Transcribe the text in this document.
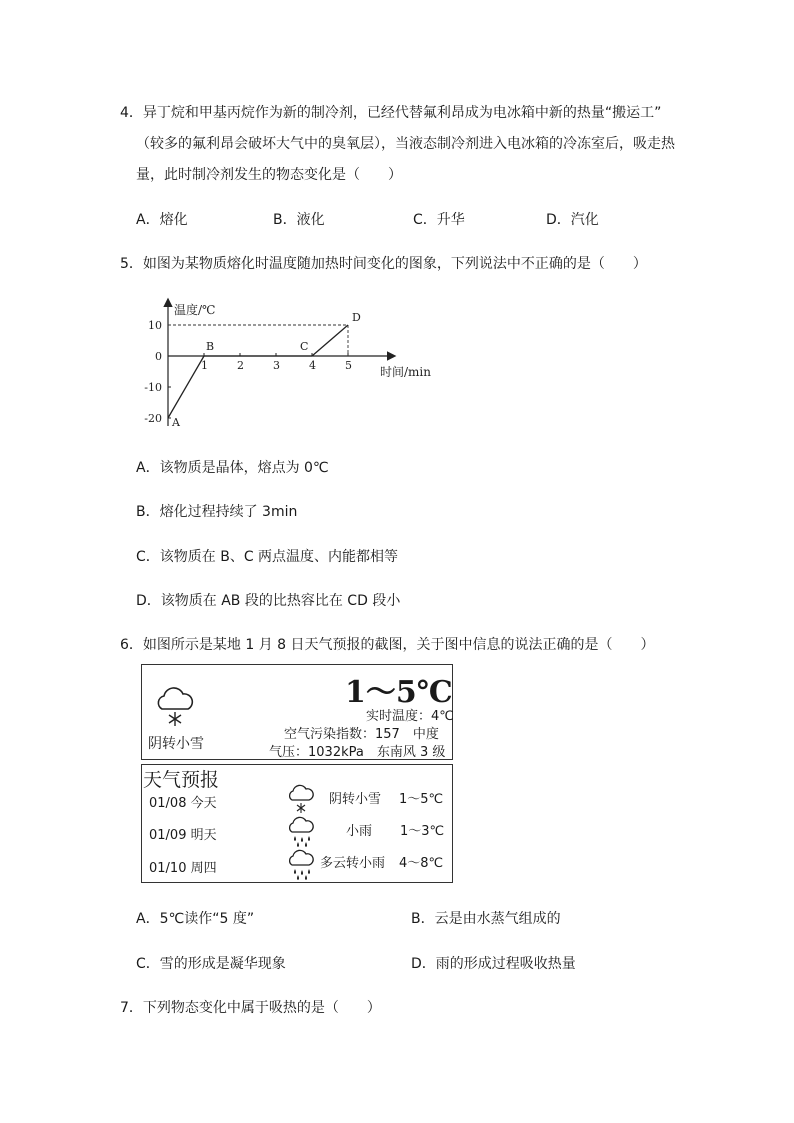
4．异丁烷和甲基丙烷作为新的制冷剂，已经代替氟利昂成为电冰箱中新的热量“搬运工”
（较多的氟利昂会破坏大气中的臭氧层），当液态制冷剂进入电冰箱的冷冻室后，吸走热
量，此时制冷剂发生的物态变化是（　　）
A．熔化	B．液化	C．升华	D．汽化
5．如图为某物质熔化时温度随加热时间变化的图象，下列说法中不正确的是（　　）
温度/℃
时间/min
1	2	3	4	5
10
0
-10
-20 A
B	C
D
A．该物质是晶体，熔点为 0℃
B．熔化过程持续了 3min
C．该物质在 B、C 两点温度、内能都相等
D．该物质在 AB 段的比热容比在 CD 段小
6．如图所示是某地 1 月 8 日天气预报的截图，关于图中信息的说法正确的是（　　）
阴转小雪
1～5℃
实时温度：4℃
空气污染指数：157　中度
气压：1032kPa　东南风 3 级
天气预报
01/08 今天	阴转小雪 1～5℃
01/09 明天	小雨 1～3℃
01/10 周四	多云转小雨 4～8℃
A．5℃读作“5 度”	B．云是由水蒸气组成的
C．雪的形成是凝华现象	D．雨的形成过程吸收热量
7．下列物态变化中属于吸热的是（　　）
